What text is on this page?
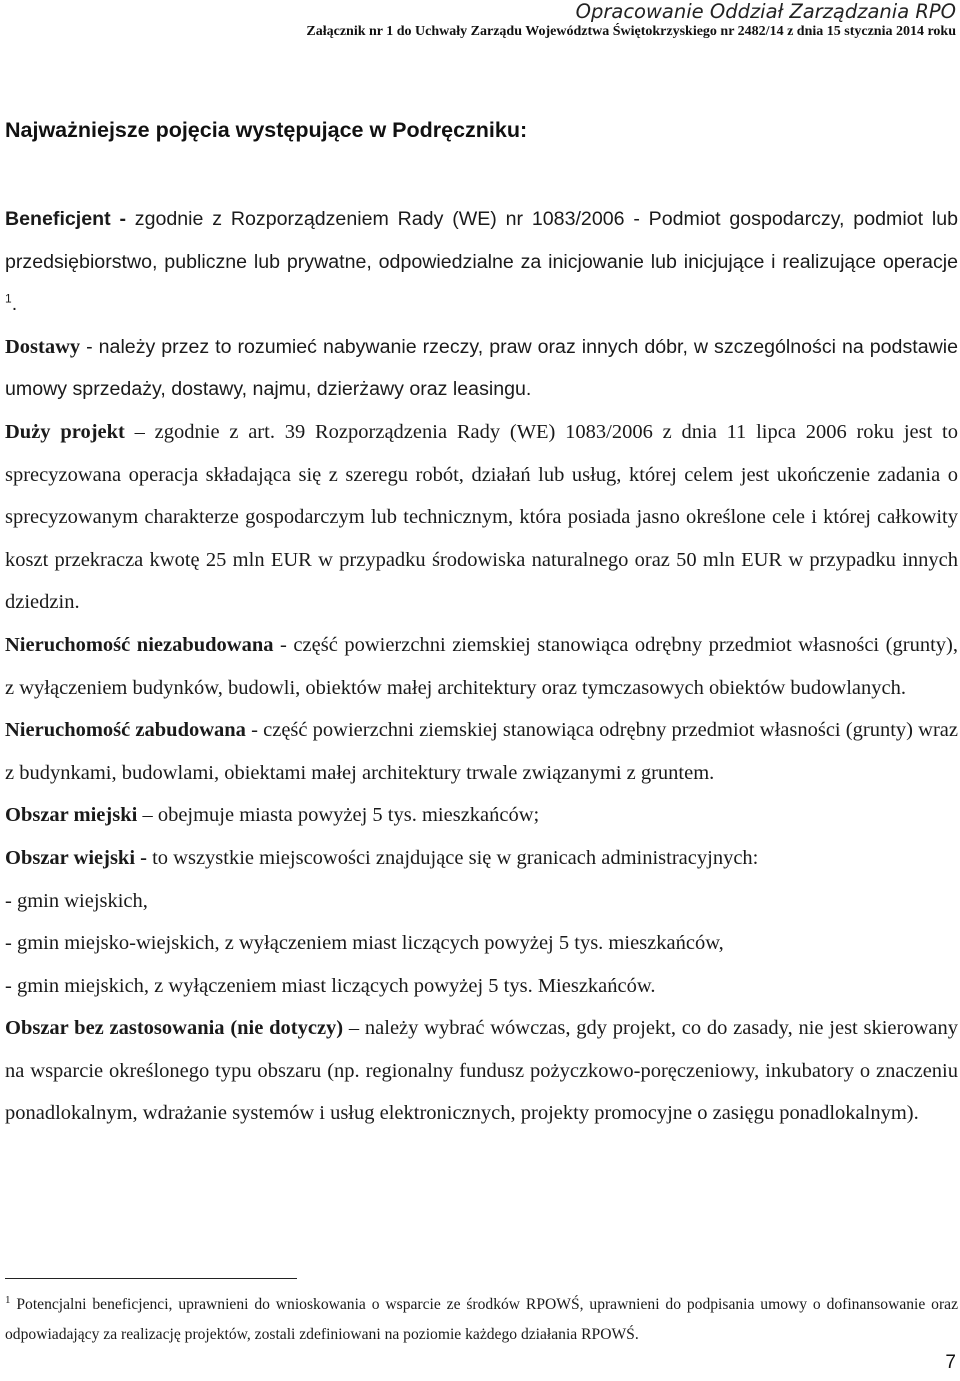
Opracowanie Oddział Zarządzania RPO
Załącznik nr 1 do Uchwały Zarządu Województwa Świętokrzyskiego nr 2482/14 z dnia 15 stycznia 2014 roku
Najważniejsze pojęcia występujące w Podręczniku:

Beneficjent - zgodnie z Rozporządzeniem Rady (WE) nr 1083/2006 - Podmiot gospodarczy, podmiot lub przedsiębiorstwo, publiczne lub prywatne, odpowiedzialne za inicjowanie lub inicjujące i realizujące operacje $^1$.

Dostawy - należy przez to rozumieć nabywanie rzeczy, praw oraz innych dóbr, w szczególności na podstawie umowy sprzedaży, dostawy, najmu, dzierżawy oraz leasingu.

Duży projekt – zgodnie z art. 39 Rozporządzenia Rady (WE) 1083/2006 z dnia 11 lipca 2006 roku jest to sprecyzowana operacja składająca się z szeregu robót, działań lub usług, której celem jest ukończenie zadania o sprecyzowanym charakterze gospodarczym lub technicznym, która posiada jasno określone cele i której całkowity koszt przekracza kwotę 25 mln EUR w przypadku środowiska naturalnego oraz 50 mln EUR w przypadku innych dziedzin.

Nieruchomość niezabudowana - część powierzchni ziemskiej stanowiąca odrębny przedmiot własności (grunty), z wyłączeniem budynków, budowli, obiektów małej architektury oraz tymczasowych obiektów budowlanych.

Nieruchomość zabudowana - część powierzchni ziemskiej stanowiąca odrębny przedmiot własności (grunty) wraz z budynkami, budowlami, obiektami małej architektury trwale związanymi z gruntem.

Obszar miejski – obejmuje miasta powyżej 5 tys. mieszkańców;

Obszar wiejski - to wszystkie miejscowości znajdujące się w granicach administracyjnych:

- gmin wiejskich,

- gmin miejsko-wiejskich, z wyłączeniem miast liczących powyżej 5 tys. mieszkańców,

- gmin miejskich, z wyłączeniem miast liczących powyżej 5 tys. Mieszkańców.

Obszar bez zastosowania (nie dotyczy) – należy wybrać wówczas, gdy projekt, co do zasady, nie jest skierowany na wsparcie określonego typu obszaru (np. regionalny fundusz pożyczkowo-poręczeniowy, inkubatory o znaczeniu ponadlokalnym, wdrażanie systemów i usług elektronicznych, projekty promocyjne o zasięgu ponadlokalnym).

$^1$ Potencjalni beneficjenci, uprawnieni do wnioskowania o wsparcie ze środków RPOWŚ, uprawnieni do podpisania umowy o dofinansowanie oraz odpowiadający za realizację projektów, zostali zdefiniowani na poziomie każdego działania RPOWŚ.

7
